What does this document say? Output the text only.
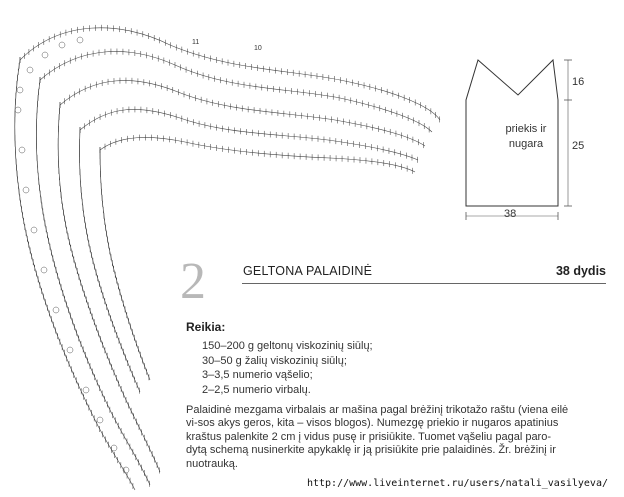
11
10
priekis ir
nugara
16
25
38
2	GELTONA PALAIDINĖ	38 dydis
Reikia:
150–200 g geltonų viskozinių siūlų;
30–50 g žalių viskozinių siūlų;
3–3,5 numerio vąšelio;
2–2,5 numerio virbalų.
Palaidinė mezgama virbalais ar mašina pagal brėžinį trikotažo raštu (viena eilė
vi-sos akys geros, kita – visos blogos). Numezgę priekio ir nugaros apatinius
kraštus palenkite 2 cm į vidus pusę ir prisiūkite. Tuomet vąšeliu pagal paro-
dytą schemą nusinerkite apykaklę ir ją prisiūkite prie palaidinės. Žr. brėžinį ir
nuotrauką.
http://www.liveinternet.ru/users/natali_vasilyeva/
